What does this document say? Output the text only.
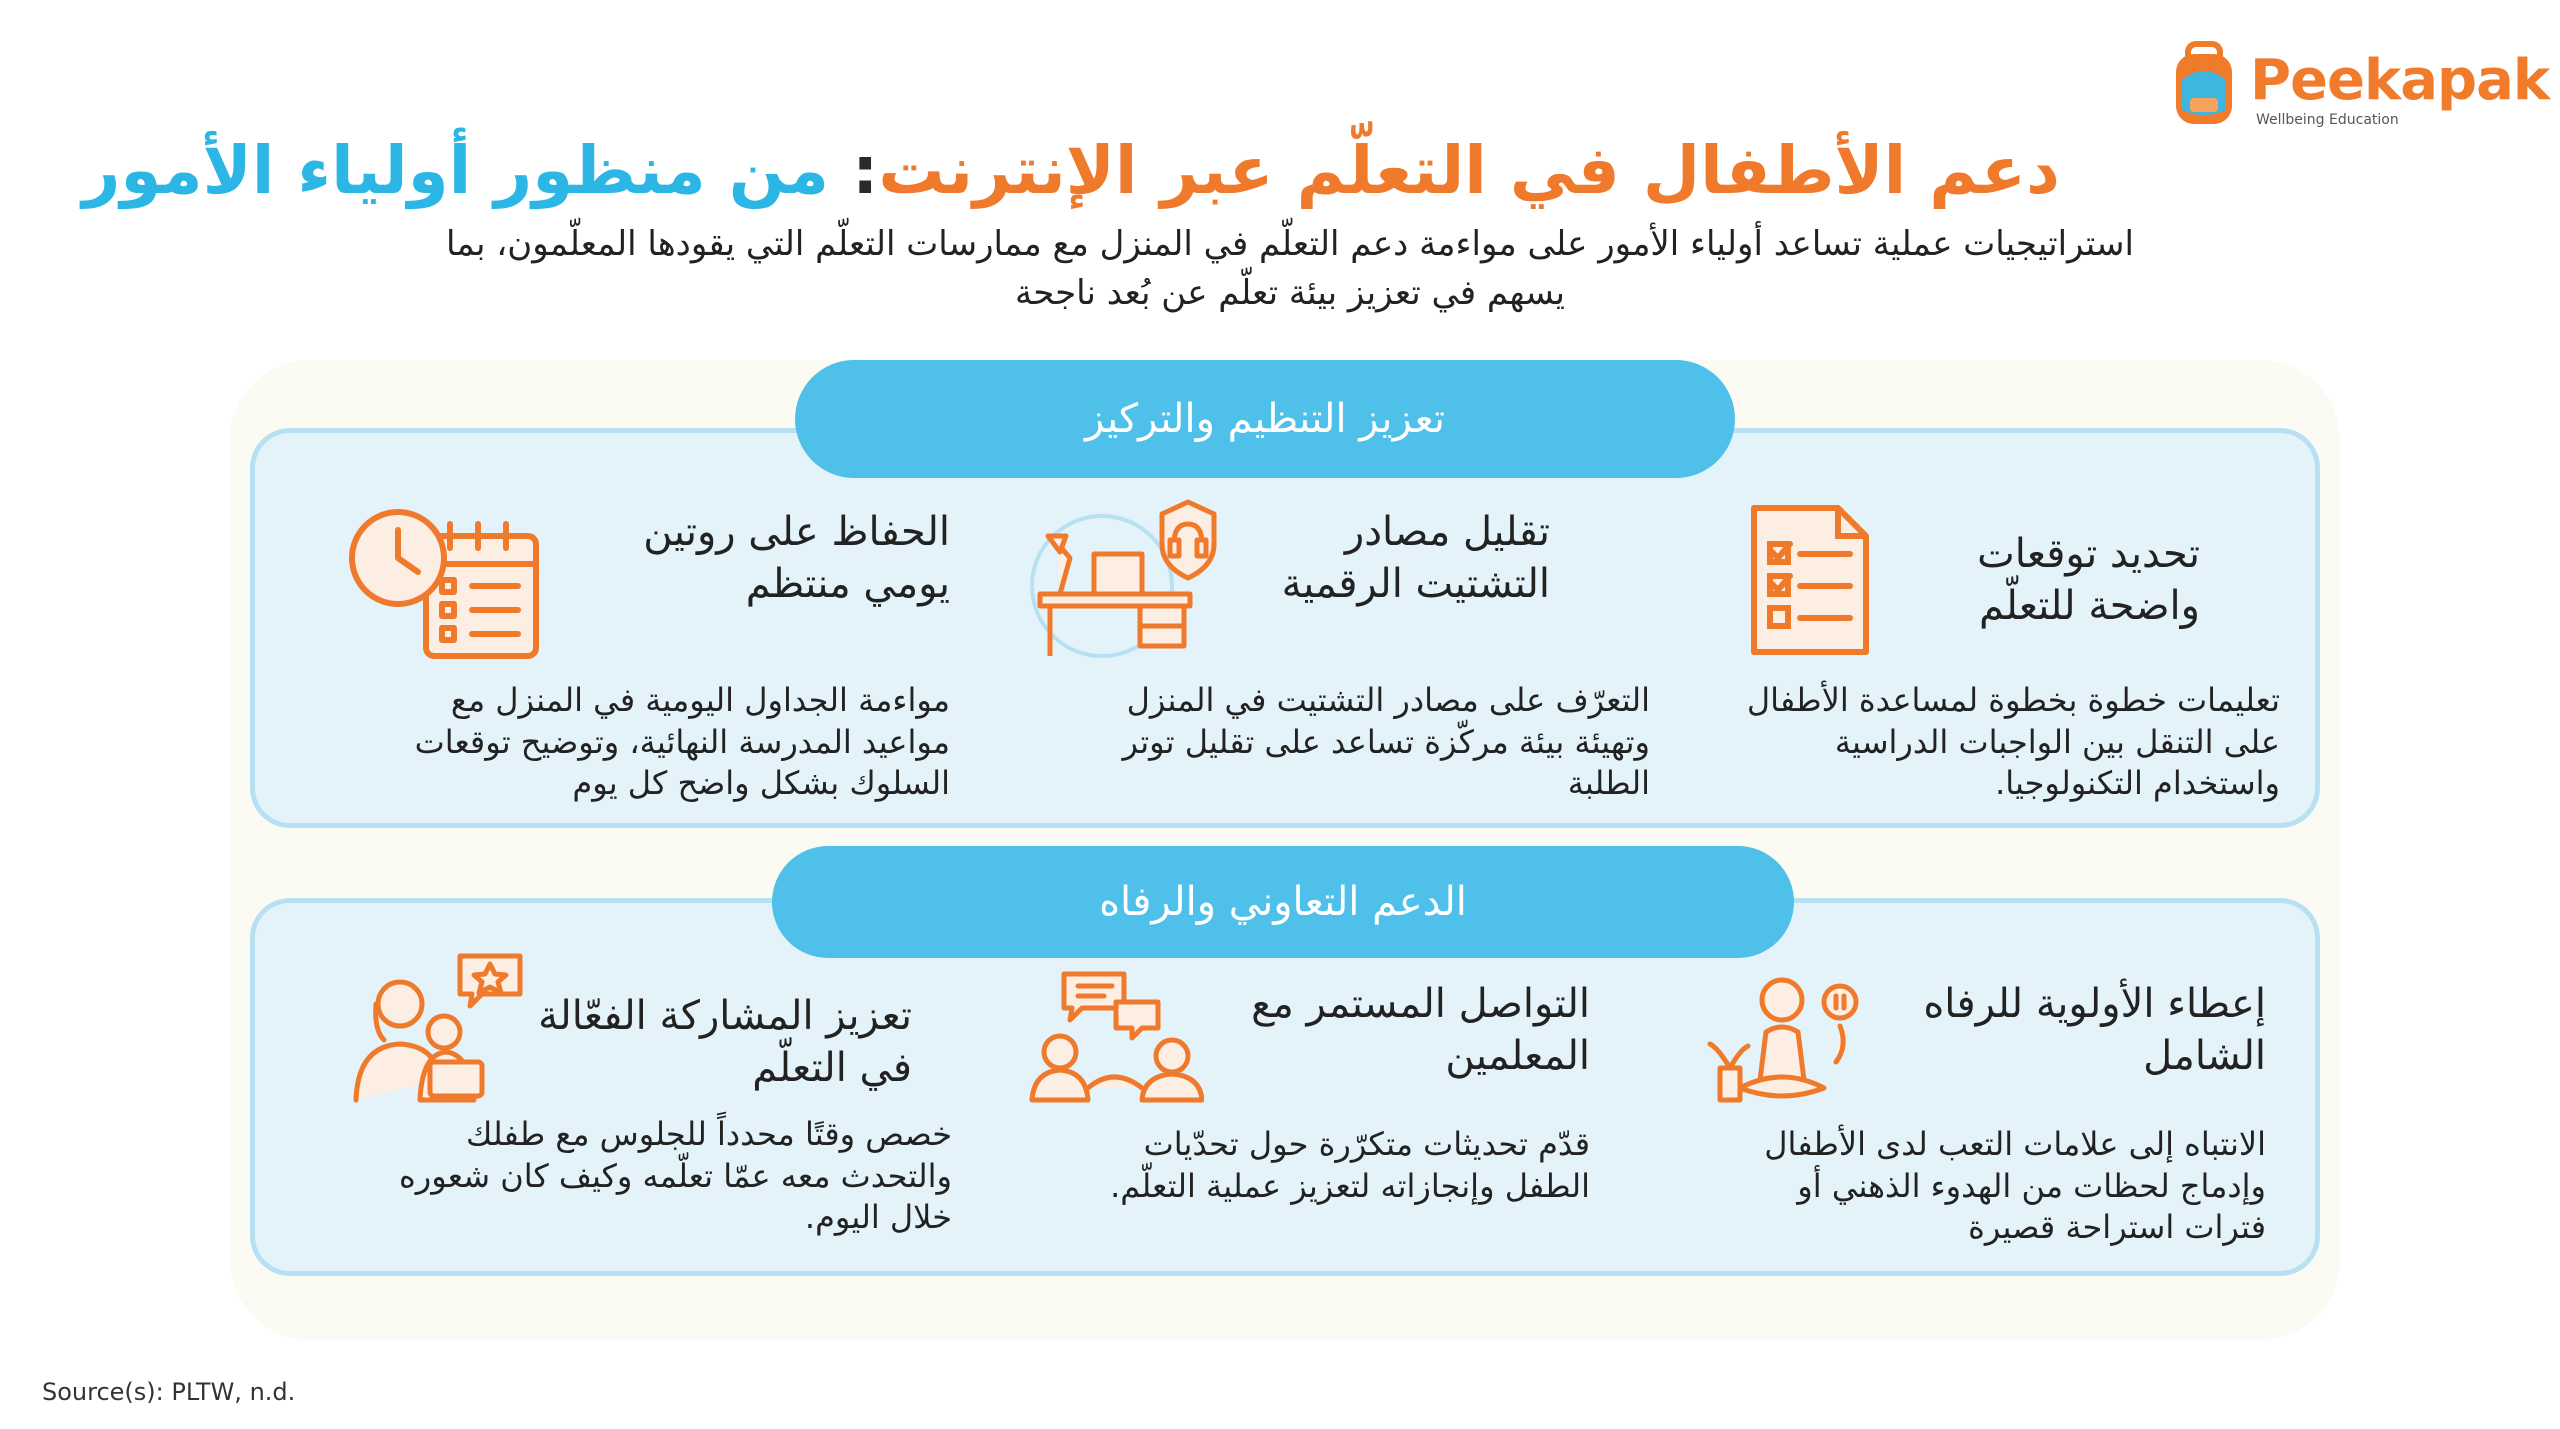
Peekapak
Wellbeing Education
دعم الأطفال في التعلّم عبر الإنترنت: من منظور أولياء الأمور
استراتيجيات عملية تساعد أولياء الأمور على مواءمة دعم التعلّم في المنزل مع ممارسات التعلّم التي يقودها المعلّمون، بما
يسهم في تعزيز بيئة تعلّم عن بُعد ناجحة
تعزيز التنظيم والتركيز
تحديد توقعات
واضحة للتعلّم
تعليمات خطوة بخطوة لمساعدة الأطفال
على التنقل بين الواجبات الدراسية
واستخدام التكنولوجيا.
تقليل مصادر
التشتيت الرقمية
التعرّف على مصادر التشتيت في المنزل
وتهيئة بيئة مركّزة تساعد على تقليل توتر
الطلبة
الحفاظ على روتين
يومي منتظم
مواءمة الجداول اليومية في المنزل مع
مواعيد المدرسة النهائية، وتوضيح توقعات
السلوك بشكل واضح كل يوم
الدعم التعاوني والرفاه
إعطاء الأولوية للرفاه
الشامل
الانتباه إلى علامات التعب لدى الأطفال
وإدماج لحظات من الهدوء الذهني أو
فترات استراحة قصيرة
التواصل المستمر مع
المعلمين
قدّم تحديثات متكرّرة حول تحدّيات
الطفل وإنجازاته لتعزيز عملية التعلّم.
تعزيز المشاركة الفعّالة
في التعلّم
خصص وقتًا محدداً للجلوس مع طفلك
والتحدث معه عمّا تعلّمه وكيف كان شعوره
خلال اليوم.
Source(s): PLTW, n.d.
